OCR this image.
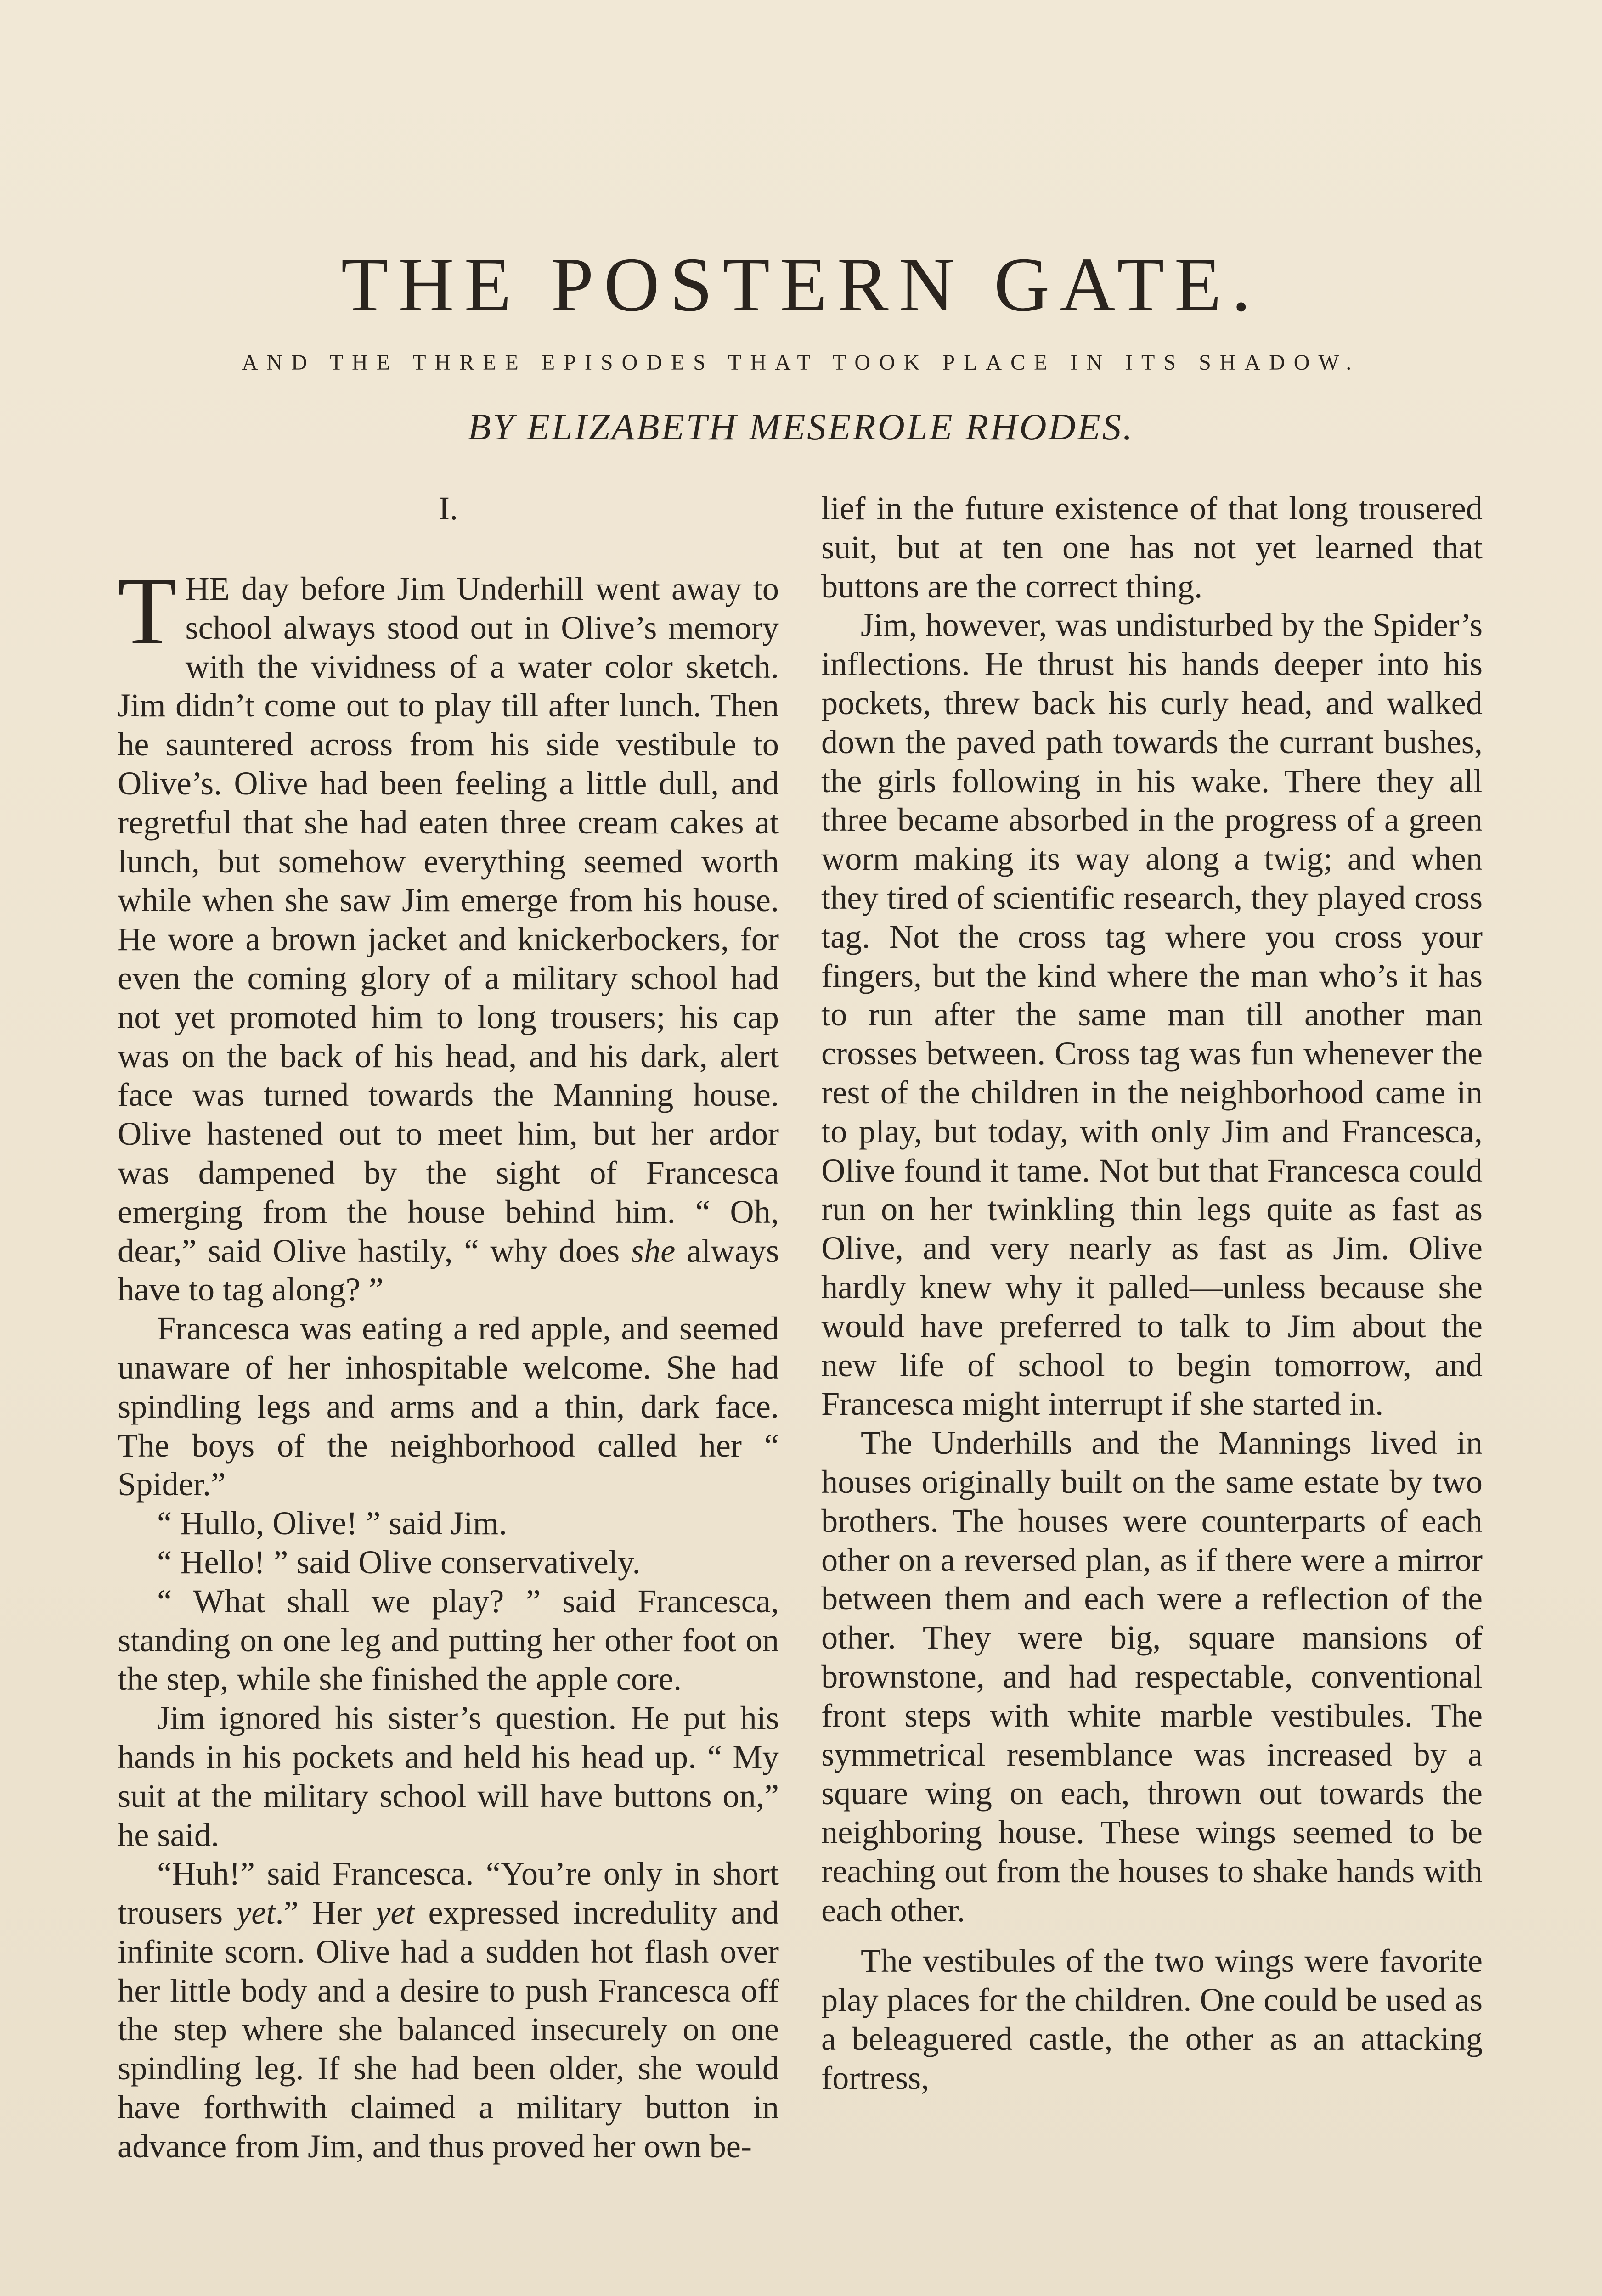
THE POSTERN GATE.
AND THE THREE EPISODES THAT TOOK PLACE IN ITS SHADOW.
BY ELIZABETH MESEROLE RHODES.
I.

THE day before Jim Underhill went away to school always stood out in Olive’s memory with the vividness of a water color sketch. Jim didn’t come out to play till after lunch. Then he sauntered across from his side vestibule to Olive’s. Olive had been feeling a little dull, and regretful that she had eaten three cream cakes at lunch, but somehow everything seemed worth while when she saw Jim emerge from his house. He wore a brown jacket and knickerbockers, for even the coming glory of a military school had not yet promoted him to long trousers; his cap was on the back of his head, and his dark, alert face was turned towards the Manning house. Olive hastened out to meet him, but her ardor was dampened by the sight of Francesca emerging from the house behind him. “ Oh, dear,” said Olive hastily, “ why does she always have to tag along? ”

Francesca was eating a red apple, and seemed unaware of her inhospitable welcome. She had spindling legs and arms and a thin, dark face. The boys of the neighborhood called her “ Spider.”

“ Hullo, Olive! ” said Jim.

“ Hello! ” said Olive conservatively.

“ What shall we play? ” said Francesca, standing on one leg and putting her other foot on the step, while she finished the apple core.

Jim ignored his sister’s question. He put his hands in his pockets and held his head up. “ My suit at the military school will have buttons on,” he said.

“Huh!” said Francesca. “You’re only in short trousers yet.” Her yet expressed incredulity and infinite scorn. Olive had a sudden hot flash over her little body and a desire to push Francesca off the step where she balanced insecurely on one spindling leg. If she had been older, she would have forthwith claimed a military button in advance from Jim, and thus proved her own be-

lief in the future existence of that long trousered suit, but at ten one has not yet learned that buttons are the correct thing.

Jim, however, was undisturbed by the Spider’s inflections. He thrust his hands deeper into his pockets, threw back his curly head, and walked down the paved path towards the currant bushes, the girls following in his wake. There they all three became absorbed in the progress of a green worm making its way along a twig; and when they tired of scientific research, they played cross tag. Not the cross tag where you cross your fingers, but the kind where the man who’s it has to run after the same man till another man crosses between. Cross tag was fun whenever the rest of the children in the neighborhood came in to play, but today, with only Jim and Francesca, Olive found it tame. Not but that Francesca could run on her twinkling thin legs quite as fast as Olive, and very nearly as fast as Jim. Olive hardly knew why it palled—unless because she would have preferred to talk to Jim about the new life of school to begin tomorrow, and Francesca might interrupt if she started in.

The Underhills and the Mannings lived in houses originally built on the same estate by two brothers. The houses were counterparts of each other on a reversed plan, as if there were a mirror between them and each were a reflection of the other. They were big, square mansions of brownstone, and had respectable, conventional front steps with white marble vestibules. The symmetrical resemblance was increased by a square wing on each, thrown out towards the neighboring house. These wings seemed to be reaching out from the houses to shake hands with each other.

The vestibules of the two wings were favorite play places for the children. One could be used as a beleaguered castle, the other as an attacking fortress,
